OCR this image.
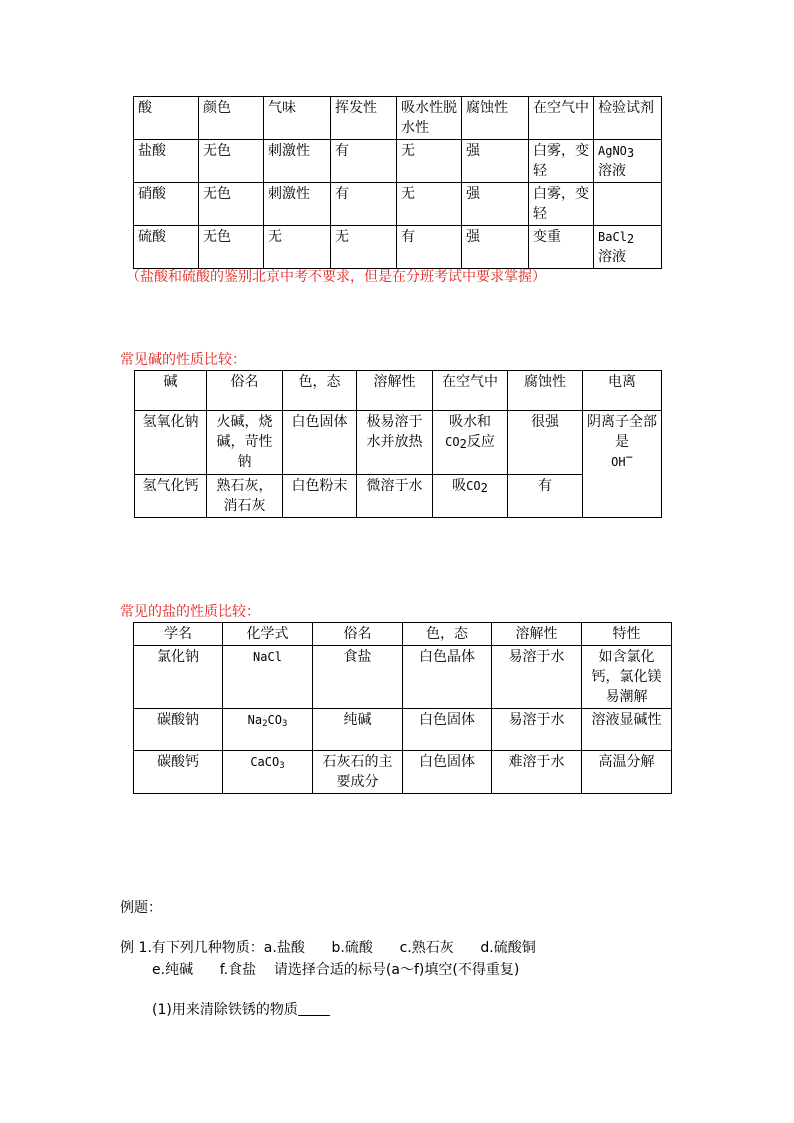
酸	颜色	气味	挥发性	吸水性脱水性	腐蚀性	在空气中	检验试剂
盐酸	无色	刺激性	有	无	强	白雾，变轻	AgNO$_3$
溶液
硝酸	无色	刺激性	有	无	强	白雾，变轻	
硫酸	无色	无	无	有	强	变重	BaCl$_2$
溶液
（盐酸和硫酸的鉴别北京中考不要求，但是在分班考试中要求掌握）
常见碱的性质比较：
碱	俗名	色，态	溶解性	在空气中	腐蚀性	电离
氢氧化钠	火碱，烧碱，苛性钠	白色固体	极易溶于水并放热	吸水和
$CO_2$反应	很强	阴离子全部是
OH−
氢气化钙	熟石灰，消石灰	白色粉末	微溶于水	吸$CO_2$	有	
常见的盐的性质比较：
学名	化学式	俗名	色，态	溶解性	特性
氯化钠	NaCl	食盐	白色晶体	易溶于水	如含氯化钙，氯化镁易潮解
碳酸钠	$Na_2CO_3$	纯碱	白色固体	易溶于水	溶液显碱性
碳酸钙	CaCO$_3$	石灰石的主要成分	白色固体	难溶于水	高温分解
例题：
例 1.有下列几种物质：a.盐酸      b.硫酸      c.熟石灰      d.硫酸铜
e.纯碱      f.食盐    请选择合适的标号(a～f)填空(不得重复)
(1)用来清除铁锈的物质
